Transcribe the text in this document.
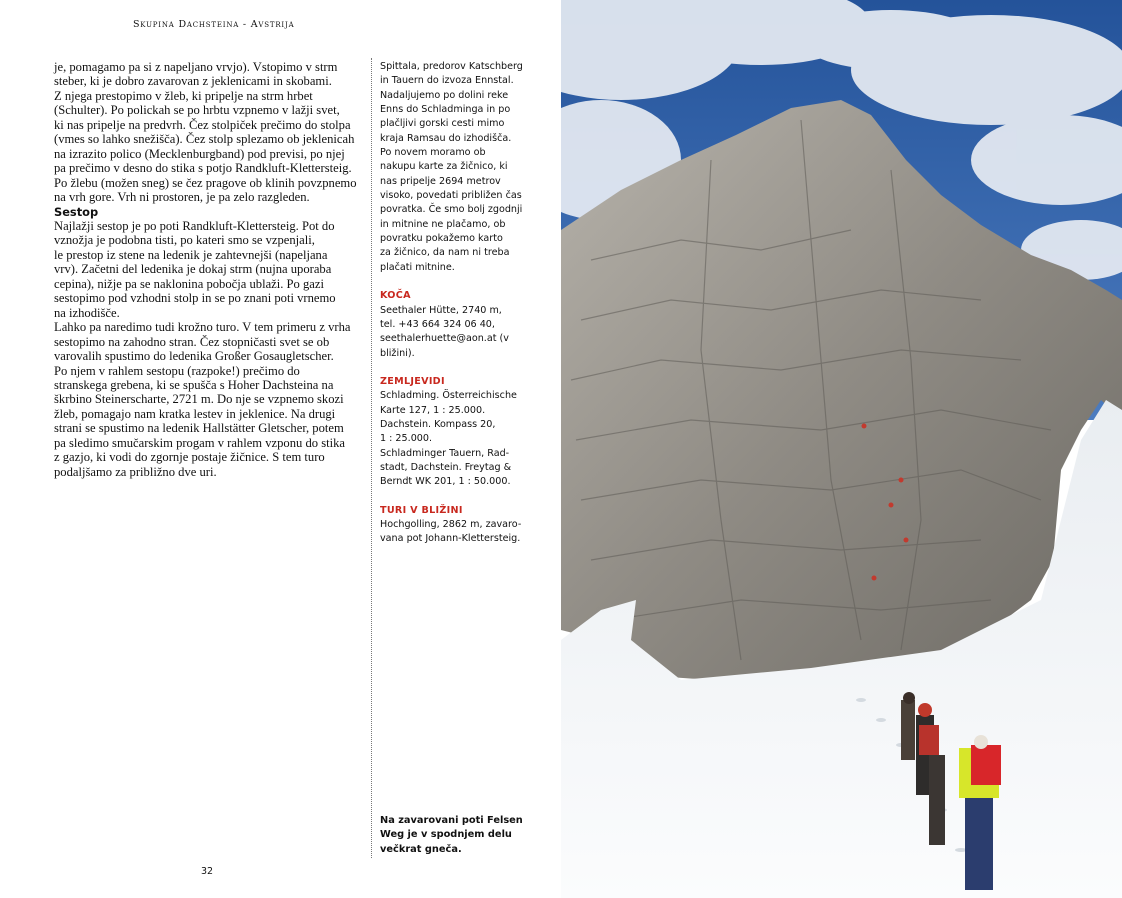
Skupina Dachsteina - Avstrija
je, pomagamo pa si z napeljano vrvjo). Vstopimo v strm
steber, ki je dobro zavarovan z jeklenicami in skobami.
Z njega prestopimo v žleb, ki pripelje na strm hrbet
(Schulter). Po polickah se po hrbtu vzpnemo v lažji svet,
ki nas pripelje na predvrh. Čez stolpiček prečimo do stolpa
(vmes so lahko snežišča). Čez stolp splezamo ob jeklenicah
na izrazito polico (Mecklenburgband) pod previsi, po njej
pa prečimo v desno do stika s potjo Randkluft-Klettersteig.
Po žlebu (možen sneg) se čez pragove ob klinih povzpnemo
na vrh gore. Vrh ni prostoren, je pa zelo razgleden.
Sestop
Najlažji sestop je po poti Randkluft-Klettersteig. Pot do
vznožja je podobna tisti, po kateri smo se vzpenjali,
le prestop iz stene na ledenik je zahtevnejši (napeljana
vrv). Začetni del ledenika je dokaj strm (nujna uporaba
cepina), nižje pa se naklonina pobočja ublaži. Po gazi
sestopimo pod vzhodni stolp in se po znani poti vrnemo
na izhodišče.
Lahko pa naredimo tudi krožno turo. V tem primeru z vrha
sestopimo na zahodno stran. Čez stopničasti svet se ob
varovalih spustimo do ledenika Großer Gosaugletscher.
Po njem v rahlem sestopu (razpoke!) prečimo do
stranskega grebena, ki se spušča s Hoher Dachsteina na
škrbino Steinerscharte, 2721 m. Do nje se vzpnemo skozi
žleb, pomagajo nam kratka lestev in jeklenice. Na drugi
strani se spustimo na ledenik Hallstätter Gletscher, potem
pa sledimo smučarskim progam v rahlem vzponu do stika
z gazjo, ki vodi do zgornje postaje žičnice. S tem turo
podaljšamo za približno dve uri.
Spittala, predorov Katschberg
in Tauern do izvoza Ennstal.
Nadaljujemo po dolini reke
Enns do Schladminga in po
plačljivi gorski cesti mimo
kraja Ramsau do izhodišča.
Po novem moramo ob
nakupu karte za žičnico, ki
nas pripelje 2694 metrov
visoko, povedati približen čas
povratka. Če smo bolj zgodnji
in mitnine ne plačamo, ob
povratku pokažemo karto
za žičnico, da nam ni treba
plačati mitnine.
KOČA
Seethaler Hütte, 2740 m,
tel. +43 664 324 06 40,
seethalerhuette@aon.at (v
bližini).
ZEMLJEVIDI
Schladming. Österreichische
Karte 127, 1 : 25.000.
Dachstein. Kompass 20,
1 : 25.000.
Schladminger Tauern, Rad-
stadt, Dachstein. Freytag &
Berndt WK 201, 1 : 50.000.
TURI V BLIŽINI
Hochgolling, 2862 m, zavaro-
vana pot Johann-Klettersteig.
Na zavarovani poti Felsen
Weg je v spodnjem delu
večkrat gneča.
32
